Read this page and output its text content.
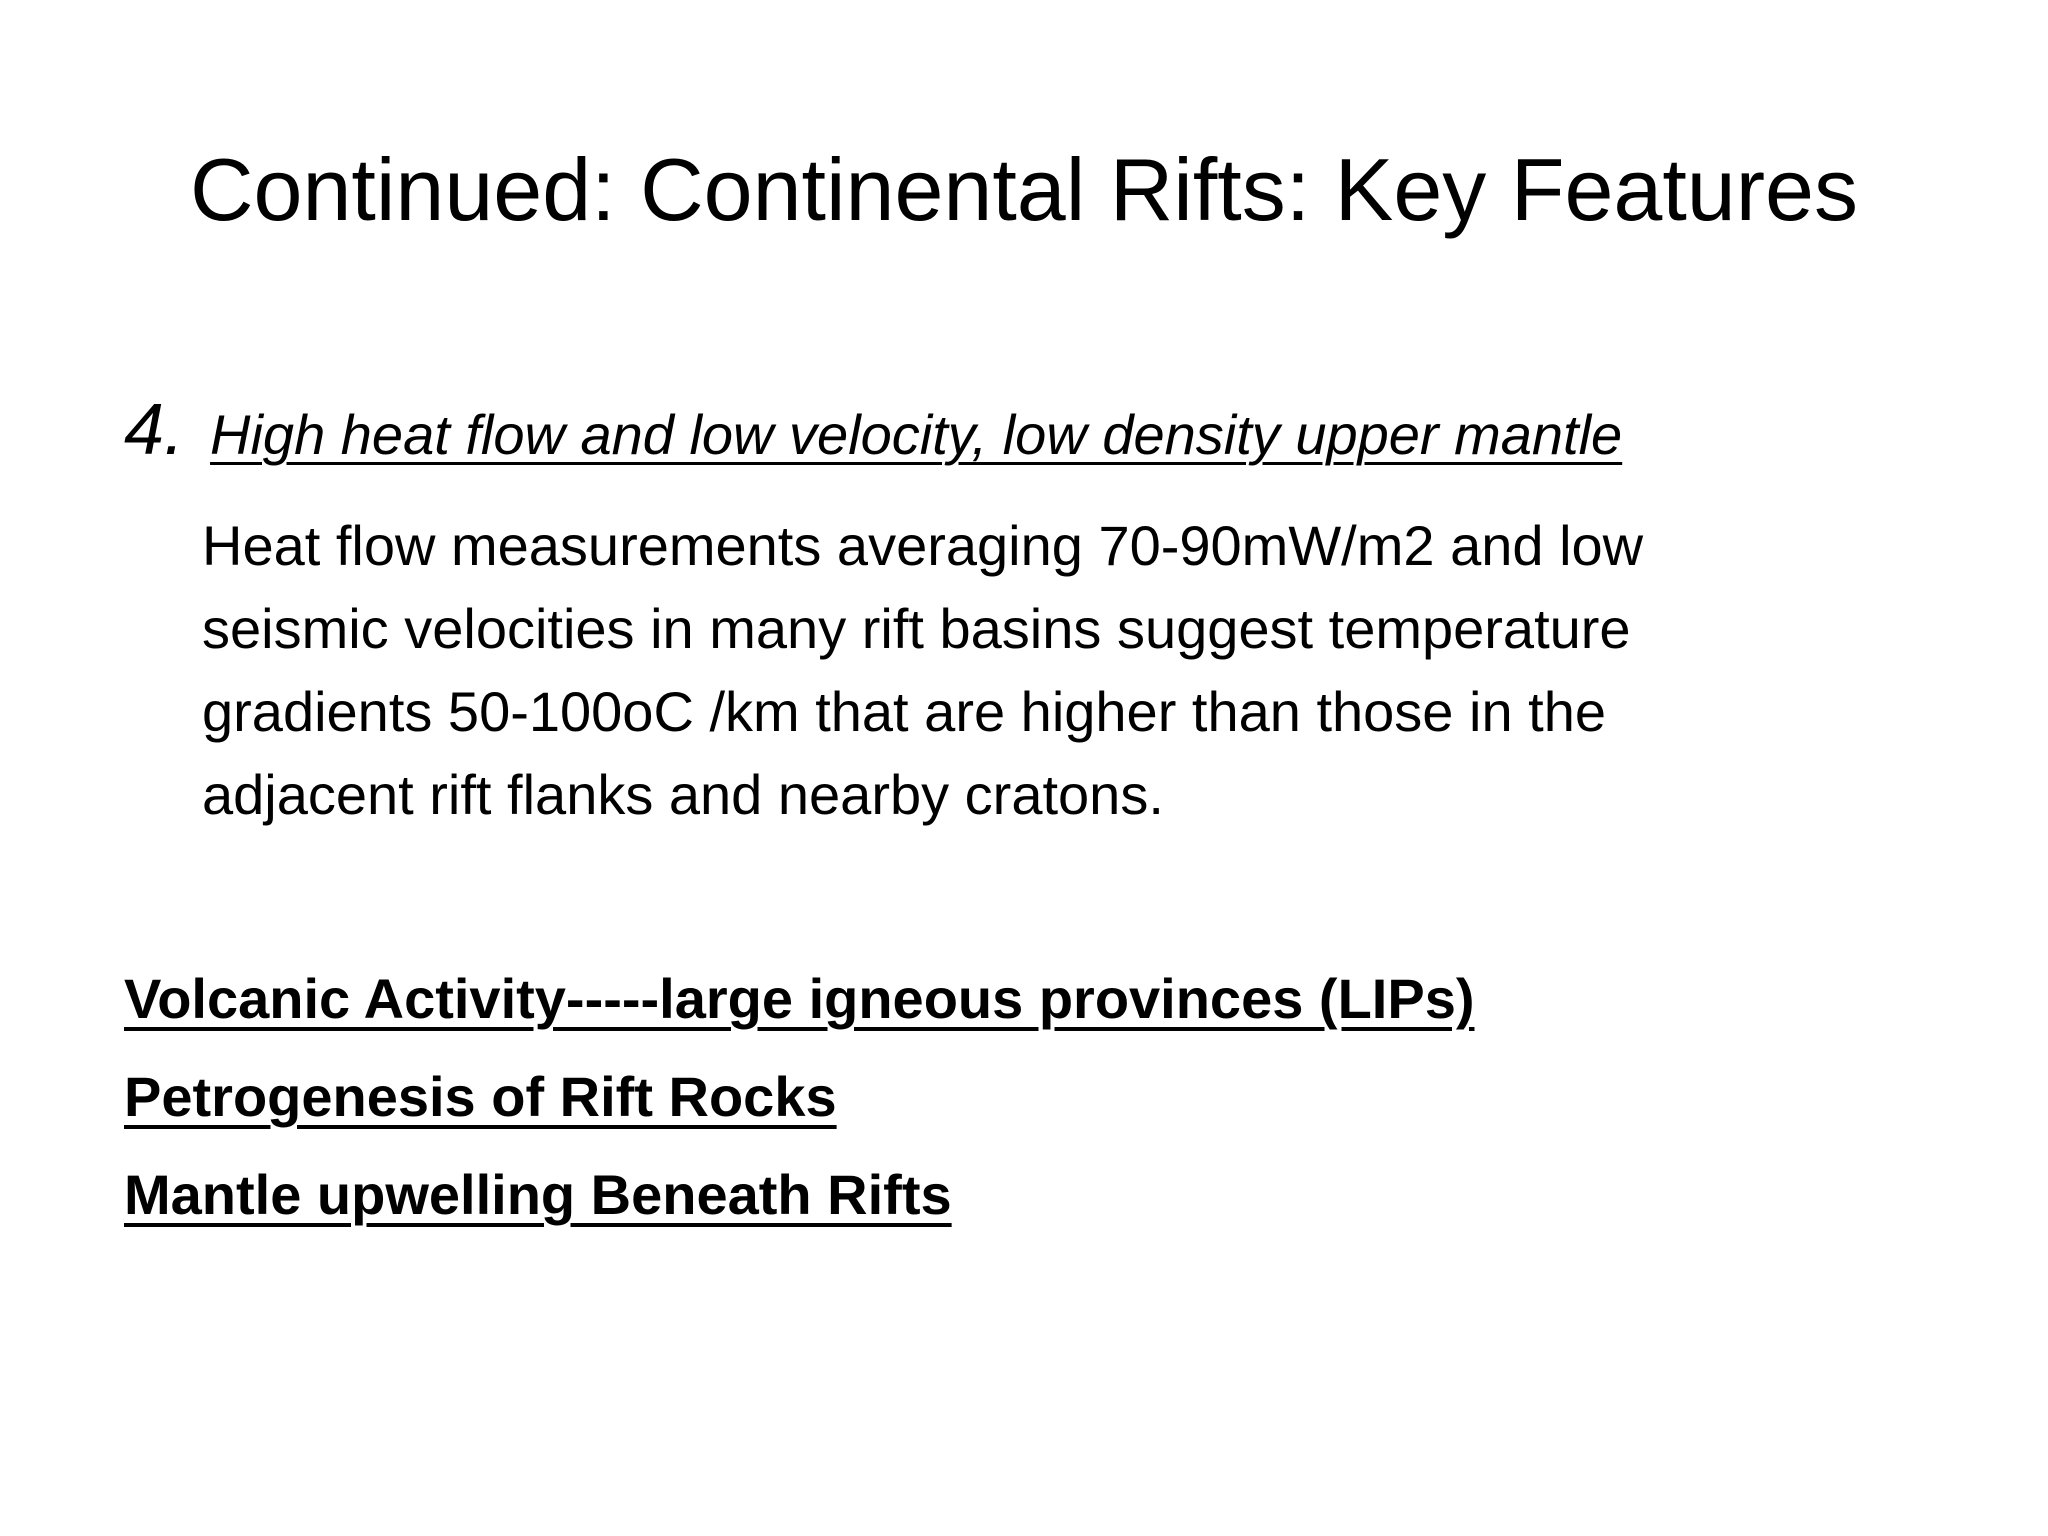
Continued: Continental Rifts: Key Features
4. High heat flow and low velocity, low density upper mantle
Heat flow measurements averaging 70-90mW/m2 and low
seismic velocities in many rift basins suggest temperature
gradients 50-100oC /km that are higher than those in the
adjacent rift flanks and nearby cratons.
Volcanic Activity-----large igneous provinces (LIPs)
Petrogenesis of Rift Rocks
Mantle upwelling Beneath Rifts
